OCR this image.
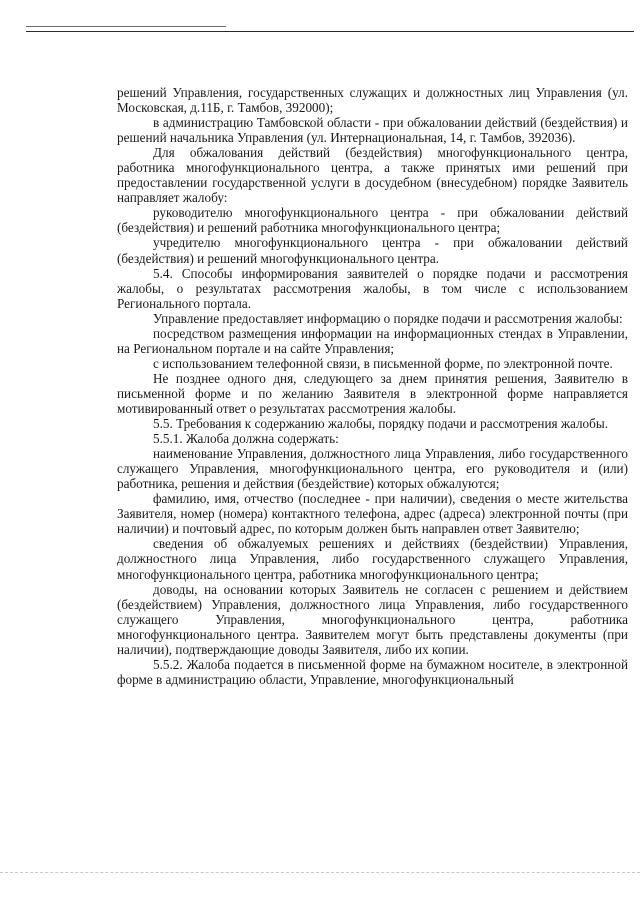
решений Управления, государственных служащих и должностных лиц Управления (ул. Московская, д.11Б, г. Тамбов, 392000);

в администрацию Тамбовской области - при обжаловании действий (бездействия) и решений начальника Управления (ул. Интернациональная, 14, г. Тамбов, 392036).

Для обжалования действий (бездействия) многофункционального центра, работника многофункционального центра, а также принятых ими решений при предоставлении государственной услуги в досудебном (внесудебном) порядке Заявитель направляет жалобу:

руководителю многофункционального центра - при обжаловании действий (бездействия) и решений работника многофункционального центра;

учредителю многофункционального центра - при обжаловании действий (бездействия) и решений многофункционального центра.

5.4. Способы информирования заявителей о порядке подачи и рассмотрения жалобы, о результатах рассмотрения жалобы, в том числе с использованием Регионального портала.

Управление предоставляет информацию о порядке подачи и рассмотрения жалобы:

посредством размещения информации на информационных стендах в Управлении, на Региональном портале и на сайте Управления;

с использованием телефонной связи, в письменной форме, по электронной почте.

Не позднее одного дня, следующего за днем принятия решения, Заявителю в письменной форме и по желанию Заявителя в электронной форме направляется мотивированный ответ о результатах рассмотрения жалобы.

5.5. Требования к содержанию жалобы, порядку подачи и рассмотрения жалобы.

5.5.1. Жалоба должна содержать:

наименование Управления, должностного лица Управления, либо государственного служащего Управления, многофункционального центра, его руководителя и (или) работника, решения и действия (бездействие) которых обжалуются;

фамилию, имя, отчество (последнее - при наличии), сведения о месте жительства Заявителя, номер (номера) контактного телефона, адрес (адреса) электронной почты (при наличии) и почтовый адрес, по которым должен быть направлен ответ Заявителю;

сведения об обжалуемых решениях и действиях (бездействии) Управления, должностного лица Управления, либо государственного служащего Управления, многофункционального центра, работника многофункционального центра;

доводы, на основании которых Заявитель не согласен с решением и действием (бездействием) Управления, должностного лица Управления, либо государственного служащего Управления, многофункционального центра, работника многофункционального центра. Заявителем могут быть представлены документы (при наличии), подтверждающие доводы Заявителя, либо их копии.

5.5.2. Жалоба подается в письменной форме на бумажном носителе, в электронной форме в администрацию области, Управление, многофункциональный
